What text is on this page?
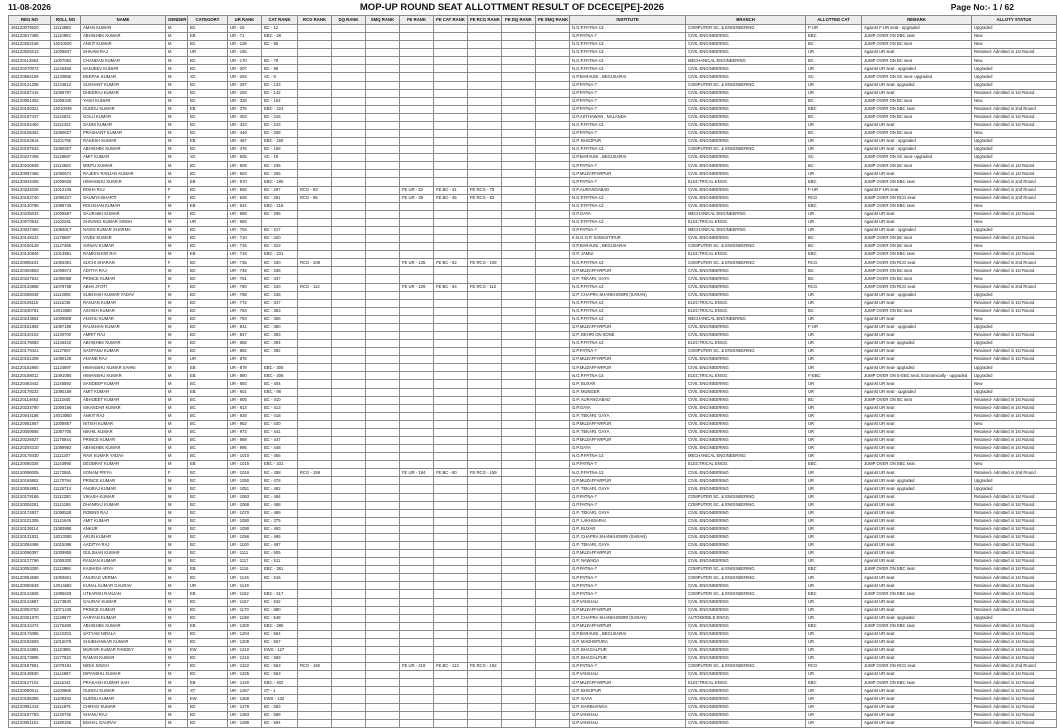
11-08-2026	MOP-UP ROUND SEAT ALLOTTMENT RESULT OF DCECE[PE]-2026	Page No:- 1 / 62
REG NO	ROLL NO	NAME	GENDER	CATEGORY	UR RANK	CAT RANK	RCG RANK	DQ RANK	SMQ RANK	FE RANK	FE CAT RANK	FE RCG RANK	FE DQ RANK	FE SMQ RANK	INSTITUTE	BRANCH	ALLOTTED CAT	REMARK	ALLOTY STATUS
261120076520	11113858	AMAN KUMAR	M	BC	UR - 15	BC - 12									N.G.P.PATNA-13	COMPUTER SC. & ENGINEERING	F-UR	Against F-UR seat - upgraded	Upgraded
261120517485	11110902	ABHISHEK KUMAR	M	EB	UR - 71	EBC - 28									G.P.PATNA-7	CIVIL ENGINEERING	EBC	JUMP OVER ON EBC seat	New
261120262166	14010020	ANKIT KUMAR	M	BC	UR - 136	BC - 85									N.G.P.PATNA-13	CIVIL ENGINEERING	BC	JUMP OVER ON BC seat	New
261120525213	11008847	SHIVAM RAJ	M	UR	UR - 165										N.G.P.PATNA-13	CIVIL ENGINEERING	UR	Against UR seat	Retained- Admitted in 1st Round
261120112663	11007082	CHANDAN KUMAR	M	BC	UR - 170	BC - 78									N.G.P.PATNA-13	MECHANICAL ENGINEERING	BC	JUMP OVER ON BC seat	New
261120370073	11145458	SANJEEV KUMAR	M	BC	UR - 207	BC - 98									N.G.P.PATNA-13	CIVIL ENGINEERING	UR	Against UR seat - upgraded	Upgraded
261120584169	11130586	DEEPAK KUMAR	M	SC	UR - 264	SC - 8									G.P.BARAUNI , BEGUSARAI	CIVIL ENGINEERING	SC	JUMP OVER ON SC seat- upgraded	Upgraded
261120121208	11144612	SUSHANT KUMAR	M	BC	UR - 287	BC - 133									G.P.PATNA-7	COMPUTER SC. & ENGINEERING	UR	Against UR seat- upgraded	Upgraded
261120187415	11089797	DHEERAJ KUMAR	M	BC	UR - 292	BC - 142									G.P.PATNA-7	CIVIL ENGINEERING	UR	Against UR seat	Retained- Admitted in 1st Round
261120051302	11008340	YASH KUMAR	M	BC	UR - 328	BC - 154									G.P.PATNA-7	CIVIL ENGINEERING	BC	JUMP OVER ON BC seat	New
261120150321	14010049	GUDDU KUMAR	M	EB	UR - 375	EBC - 224									G.P.PATNA-7	CIVIL ENGINEERING	EBC	JUMP OVER ON EBC seat	Retained- Admitted in 2nd Round
261120197437	11142821	GOLU KUMAR	M	BC	UR - 403	BC - 215									G.P.ASTHAWAN , NALANDA	CIVIL ENGINEERING	BC	JUMP OVER ON BC seat	Retained- Admitted in 1st Round
261120184460	11112422	SANNI KUMAR	M	BC	UR - 423	BC - 243									N.G.P.PATNA-13	CIVIL ENGINEERING	UR	Against UR seat	Retained- Admitted in 1st Round
261120105452	11090627	PRASHANT KUMAR	M	BC	UR - 449	BC - 208									G.P.PATNA-7	CIVIL ENGINEERING	BC	JUMP OVER ON BC seat	New
261120152914	11101765	RAKESH KUMAR	M	EB	UR - 467	EBC - 159									G.P. BHOJPUR	CIVIL ENGINEERING	UR	Against UR seat - upgraded	Upgraded
261120197643	11090267	ABHISHEK KUMAR	M	BC	UR - 476	BC - 158									N.G.P.PATNA-13	COMPUTER SC. & ENGINEERING	UR	Against UR seat - upgraded	Upgraded
261120227408	11129697	AMIT KUMAR	M	SC	UR - 505	SC - 19									G.P.BARAUNI , BEGUSARAI	CIVIL ENGINEERING	SC	JUMP OVER ON SC seat- upgraded	Upgraded
261120230948	11113503	MINTU KUMAR	M	BC	UR - 509	BC - 235									G.P.PATNA-7	CIVIL ENGINEERING	BC	JUMP OVER ON BC seat	Retained- Admitted in 1st Round
261120097466	11090674	RAJEEV RANJAN KUMAR	M	BC	UR - 553	BC - 255									G.P.MUZAFFARPUR	CIVIL ENGINEERING	UR	Against UR seat	Retained- Admitted in 1st Round
261120044406	11009629	HIMANSHU KUMAR	M	EB	UR - 570	EBC - 180									G.P.PATNA-7	ELECTRICAL ENGG.	EBC	JUMP OVER ON EBC seat	Retained- Admitted in 2nd Round
261120232025	11012105	RISHA RAJ	F	BC	UR - 592	BC - 267	RCG - 93			FE UR - 32	FE BC - 41	FE RCG - 78			G.P.AURANGABAD	CIVIL ENGINEERING	F-UR	Against F-UR seat	Retained- Admitted in 2nd Round
261120182740	11090227	SAUMYA BHARTI	F	BC	UR - 628	BC - 281	RCG - 95			FE UR - 38	FE BC - 45	FE RCG - 83			N.G.P.PATNA-13	CIVIL ENGINEERING	RCG	JUMP OVER ON RCG seat	Retained- Admitted in 2nd Round
261120130788	11088745	ROUSHAN KUMAR	M	EB	UR - 644	EBC - 218									N.G.P.PATNA-13	CIVIL ENGINEERING	EBC	JUMP OVER ON EBC seat	New
261120235033	11008587	SAURABH KUMAR	M	BC	UR - 658	BC - 295									G.P.GAYA	MECHANICAL ENGINEERING	UR	Against UR seat	Retained- Admitted in 1st Round
261120070542	11102281	SHIVANG KUMAR SINGH	M	UR	UR - 684										N.G.P.PATNA-13	ELECTRICAL ENGG.	UR	Against UR seat	New
261120037460	11094817	NAVIN KUMAR SHARMA	M	BC	UR - 704	BC - 317									G.P.PATNA-7	MECHANICAL ENGINEERING	UR	Against UR seat - upgraded	Upgraded
261120148222	11175697	VIVEK KUMAR	M	BC	UR - 710	BC - 320									K.N.G.G.P. SAMASTIPUR	CIVIL ENGINEERING	BC	JUMP OVER ON BC seat	Retained- Admitted in 1st Round
261120150128	11127465	AVINAV KUMAR	M	BC	UR - 716	BC - 323									G.P.BARAUNI , BEGUSARAI	COMPUTER SC. & ENGINEERING	BC	JUMP OVER ON BC seat	New
261120130846	11013981	RAMKISHOR RAI	M	EB	UR - 718	EBC - 231									G.P. JAMUI	ELECTRICAL ENGG.	EBC	JUMP OVER ON EBC seat	Retained- Admitted in 1st Round
261120085101	11083391	SUCHI SHARAN	F	BC	UR - 735	BC - 330	RCG - 108			FE UR - 125	FE BC - 62	FE RCG - 108			N.G.P.PATNA-13	COMPUTER SC. & ENGINEERING	RCG	JUMP OVER ON RCG seat	Retained- Admitted in 2nd Round
261120304553	11008672	ADITYA RAJ	M	BC	UR - 748	BC - 336									G.P.MUZAFFARPUR	CIVIL ENGINEERING	BC	JUMP OVER ON BC seat	Retained- Admitted in 1st Round
261120237522	11090068	PRINCE KUMAR	M	BC	UR - 751	BC - 337									G.P. TEKARI, GAYA	CIVIL ENGINEERING	BC	JUMP OVER ON BC seat	New
261120133868	11078758	ABHA JYOTI	F	BC	UR - 760	BC - 340	RCG - 112			FE UR - 129	FE BC - 64	FE RCG - 112			N.G.P.PATNA-13	CIVIL ENGINEERING	RCG	JUMP OVER ON RCG seat	Retained- Admitted in 2nd Round
261120256048	11113005	SUBHASH KUMAR YADAV	M	BC	UR - 768	BC - 345									G.P. CHAPRA SHANKHOWRI (SARAN)	CIVIL ENGINEERING	UR	Against UR seat - upgraded	Upgraded
261120106115	11111036	RANJAN KUMAR	M	BC	UR - 772	BC - 347									N.G.P.PATNA-13	ELECTRICAL ENGG.	UR	Against UR seat	Retained- Admitted in 1st Round
261120230781	14014880	ASHISH KUMAR	M	BC	UR - 784	BC - 353									N.G.P.PATNA-13	ELECTRICAL ENGG.	BC	JUMP OVER ON BC seat	Retained- Admitted in 1st Round
261120243554	11009808	ANSHU KUMAR	M	BC	UR - 794	BC - 358									N.G.P.PATNA-13	MECHANICAL ENGINEERING	UR	Against UR seat	New
261120161862	11087196	RAUSHAN KUMAR	M	BC	UR - 841	BC - 380									G.P.MUZAFFARPUR	CIVIL ENGINEERING	F-UR	Against UR seat - upgraded	Upgraded
261120140102	11130700	AMRIT RAJ	M	BC	UR - 847	BC - 383									G.P. DEHRI ON SONE	CIVIL ENGINEERING	UR	Against UR seat	Retained- Admitted in 1st Round
261120176083	11136423	ABHISHEK KUMAR	M	BC	UR - 855	BC - 394									N.G.P.PATNA-13	ELECTRICAL ENGG.	UR	Against UR seat- upgraded	Upgraded
261120179421	11127657	SANTANU KUMAR	M	BC	UR - 862	BC - 392									G.P.PATNA-7	COMPUTER SC. & ENGINEERING	UR	Against UR seat	Retained- Admitted in 1st Round
261120151309	11090128	ANAND RAJ	M	UR	UR - 875										G.P.MUZAFFARPUR	CIVIL ENGINEERING	UR	Against UR seat	Retained- Admitted in 1st Round
261120182860	11134897	HIMANSHU KUMAR SAHNI	M	EB	UR - 879	EBC - 305									G.P.MUZAFFARPUR	CIVIL ENGINEERING	UR	Against UR seat- upgraded	Upgraded
261120158011	11091080	HIMANSHU KUMAR	M	EB	UR - 880	EBC - 306									N.G.P.PATNA-13	ELECTRICAL ENGG.	F-EBC	JUMP OVER ON E-EBC seat, Economically - upgraded	Upgraded
261120483442	11145592	SANDEEP KUMAR	M	BC	UR - 893	BC - 404									G.P. BUXAR	CIVIL ENGINEERING	UR	Against UR seat	New
261120179233	11090189	AMIT KUMAR	M	EB	UR - 901	EBC - 98									G.P. MUNGER	CIVIL ENGINEERING	UR	Against UR seat - upgraded	Upgraded
261120114653	11111840	ABHIJEET KUMAR	M	BC	UR - 905	BC - 410									G.P. AURANGABAD	CIVIL ENGINEERING	BC	JUMP OVER ON BC seat	Retained- Admitted in 1st Round
261120234790	11008156	SIKANDAR KUMAR	M	BC	UR - 913	BC - 413									G.P.GAYA	CIVIL ENGINEERING	UR	Against UR seat	Retained- Admitted in 1st Round
261120044186	14013850	ANKIT RAJ	M	BC	UR - 928	BC - 418									G.P. TEKARI, GAYA	CIVIL ENGINEERING	UR	Against UR seat	Retained- Admitted in 1st Round
261120081867	11008857	NITISH KUMAR	M	BC	UR - 952	BC - 430									G.P.MUZAFFARPUR	CIVIL ENGINEERING	UR	Against UR seat	New
261120059685	11087705	NIKHIL KUMAR	M	BC	UR - 973	BC - 441									G.P. TEKARI, GAYA	CIVIL ENGINEERING	UR	Against UR seat	Retained- Admitted in 1st Round
261120226627	11175844	PRINCE KUMAR	M	BC	UR - 989	BC - 447									G.P.MUZAFFARPUR	CIVIL ENGINEERING	UR	Against UR seat	Retained- Admitted in 1st Round
261120204310	11089993	ABHISHEK KUMAR	M	BC	UR - 995	BC - 448									G.P.GAYA	CIVIL ENGINEERING	UR	Against UR seat	Retained- Admitted in 1st Round
261120178430	11111207	RAVI KUMAR YADAV	M	BC	UR - 1010	BC - 455									N.G.P.PATNA-13	MECHANICAL ENGINEERING	UR	Against UR seat	Retained- Admitted in 1st Round
261120080326	11143995	DEOBRAT KUMAR	M	EB	UR - 1015	EBC - 331									G.P.PATNA-7	ELECTRICAL ENGG.	EBC	JUMP OVER ON EBC seat	New
261120096005	11172591	SONAM PRIYA	F	BC	UR - 1016	BC - 458	RCG - 159			FE UR - 184	FE BC - 80	FE RCG - 159			N.G.P.PATNA-13	CIVIL ENGINEERING	UR	Against UR seat	Retained- Admitted in 2nd Round
261120165802	11170794	PRINCE KUMAR	M	BC	UR - 1050	BC - 478									G.P.MUZAFFARPUR	CIVIL ENGINEERING	UR	Against UR seat- upgraded	Upgraded
261120054951	11125714	ANURAJ KUMAR	M	BC	UR - 1051	BC - 482									G.P. TEKARI, GAYA	CIVIL ENGINEERING	UR	Against UR seat- upgraded	Upgraded
261120178165	11112250	VIKASH KUMAR	M	BC	UR - 1063	BC - 484									G.P.PATNA-7	COMPUTER SC. & ENGINEERING	UR	Against UR seat	Retained- Admitted in 1st Round
261120004261	11141188	DHANRAJ KUMAR	M	BC	UR - 1068	BC - 488									G.P.PATNA-7	COMPUTER SC. & ENGINEERING	UR	Against UR seat	Retained- Admitted in 1st Round
261120174827	11098528	ROBINS RAJ	M	BC	UR - 1070	BC - 489									G.P. TEKARI, GAYA	CIVIL ENGINEERING	UR	Against UR seat	Retained- Admitted in 1st Round
261120101305	11141649	AMIT KUMAR	M	BC	UR - 1080	BC - 375									G.P. LAKHISARAI	CIVIL ENGINEERING	UR	Against UR seat	Retained- Admitted in 1st Round
261120139114	11083868	ANKUR	M	BC	UR - 1090	BC - 493									G.P. BUXAR	CIVIL ENGINEERING	UR	Against UR seat	Retained- Admitted in 1st Round
261120131831	14013085	ARUN KUMAR	M	BC	UR - 1096	BC - 495									G.P. CHAPRA SHANKHOWRI (SARAN)	CIVIL ENGINEERING	UR	Against UR seat	Retained- Admitted in 1st Round
261120294468	11015086	AADITYA RAJ	M	BC	UR - 1100	BC - 497									G.P. TEKARI, GAYA	CIVIL ENGINEERING	UR	Against UR seat	Retained- Admitted in 1st Round
261120096397	11009955	GULSHAN KUMAR	M	BC	UR - 1111	BC - 505									G.P.MUZAFFARPUR	CIVIL ENGINEERING	UR	Against UR seat	Retained- Admitted in 1st Round
261120127766	11009330	RANJAN KUMAR	M	BC	UR - 1117	BC - 511									G.P. NAWADA	CIVIL ENGINEERING	UR	Against UR seat	Retained- Admitted in 1st Round
261120053300	11113988	KASHISH ARYA	M	EB	UR - 1118	EBC - 381									G.P.PATNA-7	COMPUTER SC. & ENGINEERING	EBC	JUMP OVER ON EBC seat	Retained- Admitted in 1st Round
261120054598	11093601	ANURAG VERMA	M	BC	UR - 1146	BC - 516									G.P.PATNA-7	COMPUTER SC. & ENGINEERING	UR	Against UR seat	Retained- Admitted in 1st Round
261120080649	14014682	KUNAL KUMAR GAURAV	M	UR	UR - 1149										G.P.PATNA-7	CIVIL ENGINEERING	UR	Against UR seat	Retained- Admitted in 1st Round
261120124825	11095629	UTKARSH RANJAN	M	EB	UR - 1162	EBC - 517									G.P.PATNA-7	COMPUTER SC. & ENGINEERING	EBC	JUMP OVER ON EBC seat	Retained- Admitted in 1st Round
261120124887	11173830	GAURAV KUMAR	M	BC	UR - 1167	BC - 532									G.P.VAISHALI	CIVIL ENGINEERING	UR	Against UR seat	Retained- Admitted in 1st Round
261120053753	11071445	PRINCE KUMAR	M	BC	UR - 1170	BC - 880									G.P.MUZAFFARPUR	CIVIL ENGINEERING	UR	Against UR seat	Retained- Admitted in 1st Round
261120251970	11129677	AARYAN KUMAR	M	BC	UR - 1198	BC - 548									G.P. CHAPRA SHANKHOWRI (SARAN)	AUTOMOBILE ENGG.	UR	Against UR seat- upgraded	Upgraded
261120134472	11176488	ABHISHEK KUMAR	M	EB	UR - 1200	EBC - 386									G.P.MUZAFFARPUR	CIVIL ENGINEERING	EBC	JUMP OVER ON EBC seat	Retained- Admitted in 1st Round
261120174086	11142253	SATYAM NIRALA	M	BC	UR - 1204	BC - 554									G.P.BARAUNI , BEGUSARAI	CIVIL ENGINEERING	UR	Against UR seat	Retained- Admitted in 1st Round
261120182593	11015076	SHUBHANKAR KUMAR	M	BC	UR - 1208	BC - 557									G.P. MADHEPURA	CIVIL ENGINEERING	UR	Against UR seat	Retained- Admitted in 1st Round
261120124881	11110855	MURARI KUMAR PANDEY	M	EW	UR - 1210	EWS - 127									G.P. BHAGALPUR	CIVIL ENGINEERING	UR	Against UR seat	Retained- Admitted in 1st Round
261120173895	11177822	RAMAN KUMAR	M	BC	UR - 1216	BC - 559									G.P. BHAGALPUR	CIVIL ENGINEERING	UR	Against UR seat	Retained- Admitted in 1st Round
261120187581	11078192	NIDHI SINGH	F	BC	UR - 1222	BC - 563	RCG - 192			FE UR - 219	FE BC - 113	FE RCG - 192			G.P.PATNA-7	COMPUTER SC. & ENGINEERING	RCG	JUMP OVER ON RCG seat	Retained- Admitted in 2nd Round
261120148530	11114697	DIPANSHU KUMAR	M	BC	UR - 1225	BC - 563									G.P.VAISHALI	CIVIL ENGINEERING	UR	Against UR seat	Retained- Admitted in 1st Round
261120127102	11111043	PRAKASH KUMAR SAH	M	EB	UR - 1240	EBC - 402									G.P.MUZAFFARPUR	ELECTRICAL ENGG.	EBC	JUMP OVER ON EBC seat	Retained- Admitted in 1st Round
261120050011	11100869	GUDDU KUMAR	M	ST	UR - 1267	ST - 1									G.P. BHOJPUR	CIVIL ENGINEERING	UR	Against UR seat	Retained- Admitted in 1st Round
261120186355	11109283	SUDNU KUMAR	M	EW	UR - 1268	EWS - 132									G.P. GAYA	CIVIL ENGINEERING	UR	Against UR seat	Retained- Admitted in 1st Round
261120091414	11112975	CHIRAG KUMAR	M	BC	UR - 1278	BC - 583									G.P. DARBHANGA	CIVIL ENGINEERING	UR	Against UR seat	Retained- Admitted in 1st Round
261120187783	11130746	SHANU RAJ	M	BC	UR - 1283	BC - 589									G.P.VAISHALI	CIVIL ENGINEERING	UR	Against UR seat	Retained- Admitted in 1st Round
261120051161	11180155	BISHAL GAURAV	M	BC	UR - 1289	BC - 594									G.P.VAISHALI	CIVIL ENGINEERING	UR	Against UR seat	Retained- Admitted in 1st Round
